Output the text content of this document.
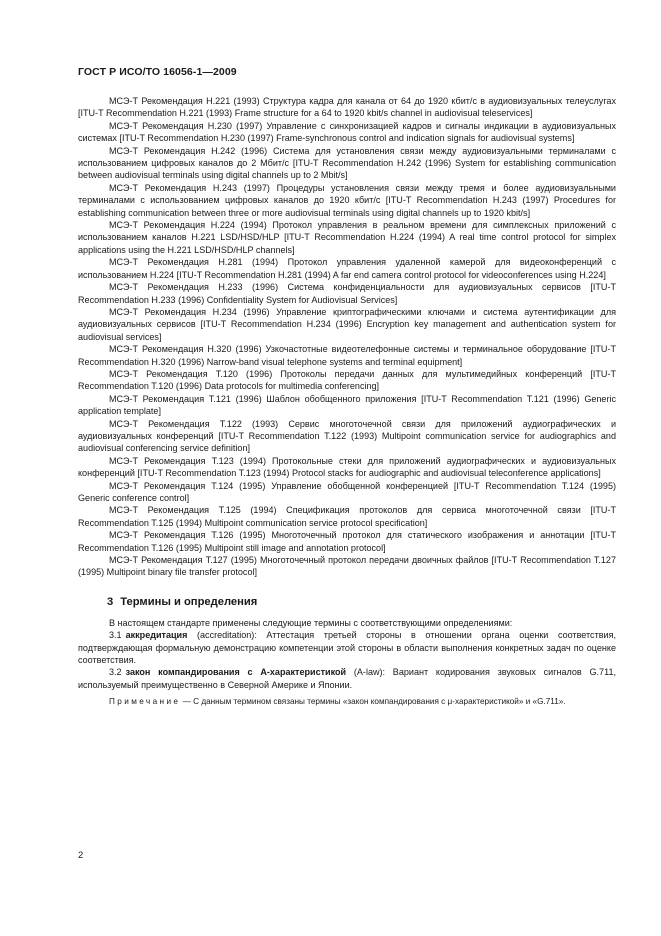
ГОСТ Р ИСО/ТО 16056-1—2009

МСЭ-Т Рекомендация Н.221 (1993) Структура кадра для канала от 64 до 1920 кбит/с в аудиовизуальных телеуслугах [ITU-T Recommendation H.221 (1993) Frame structure for a 64 to 1920 kbit/s channel in audiovisual teleservices]

МСЭ-Т Рекомендация Н.230 (1997) Управление с синхронизацией кадров и сигналы индикации в аудиовизуальных системах [ITU-T Recommendation H.230 (1997) Frame-synchronous control and indication signals for audiovisual systems]

МСЭ-Т Рекомендация Н.242 (1996) Система для установления связи между аудиовизуальными терминалами с использованием цифровых каналов до 2 Мбит/с [ITU-T Recommendation H.242 (1996) System for establishing communication between audiovisual terminals using digital channels up to 2 Mbit/s]

МСЭ-Т Рекомендация Н.243 (1997) Процедуры установления связи между тремя и более аудиовизуальными терминалами с использованием цифровых каналов до 1920 кбит/с [ITU-T Recommendation H.243 (1997) Procedures for establishing communication between three or more audiovisual terminals using digital channels up to 1920 kbit/s]

МСЭ-Т Рекомендация Н.224 (1994) Протокол управления в реальном времени для симплексных приложений с использованием каналов Н.221 LSD/HSD/HLP [ITU-T Recommendation H.224 (1994) A real time control protocol for simplex applications using the H.221 LSD/HSD/HLP channels]

МСЭ-Т Рекомендация Н.281 (1994) Протокол управления удаленной камерой для видеоконференций с использованием Н.224 [ITU-T Recommendation H.281 (1994) A far end camera control protocol for videoconferences using H.224]

МСЭ-Т Рекомендация Н.233 (1996) Система конфиденциальности для аудиовизуальных сервисов [ITU-T Recommendation H.233 (1996) Confidentiality System for Audiovisual Services]

МСЭ-Т Рекомендация Н.234 (1996) Управление криптографическими ключами и система аутентификации для аудиовизуальных сервисов [ITU-T Recommendation H.234 (1996) Encryption key management and authentication system for audiovisual services]

МСЭ-Т Рекомендация Н.320 (1996) Узкочастотные видеотелефонные системы и терминальное оборудование [ITU-T Recommendation H.320 (1996) Narrow-band visual telephone systems and terminal equipment]

МСЭ-Т Рекомендация Т.120 (1996) Протоколы передачи данных для мультимедийных конференций [ITU-T Recommendation T.120 (1996) Data protocols for multimedia conferencing]

МСЭ-Т Рекомендация Т.121 (1996) Шаблон обобщенного приложения [ITU-T Recommendation T.121 (1996) Generic application template]

МСЭ-Т Рекомендация Т.122 (1993) Сервис многоточечной связи для приложений аудиографических и аудиовизуальных конференций [ITU-T Recommendation T.122 (1993) Multipoint communication service for audiographics and audiovisual conferencing service definition]

МСЭ-Т Рекомендация Т.123 (1994) Протокольные стеки для приложений аудиографических и аудиовизуальных конференций [ITU-T Recommendation T.123 (1994) Protocol stacks for audiographic and audiovisual teleconference applications]

МСЭ-Т Рекомендация Т.124 (1995) Управление обобщенной конференцией [ITU-T Recommendation T.124 (1995) Generic conference control]

МСЭ-Т Рекомендация Т.125 (1994) Спецификация протоколов для сервиса многоточечной связи [ITU-T Recommendation T.125 (1994) Multipoint communication service protocol specification]

МСЭ-Т Рекомендация Т.126 (1995) Многоточечный протокол для статического изображения и аннотации [ITU-T Recommendation T.126 (1995) Multipoint still image and annotation protocol]

МСЭ-Т Рекомендация Т.127 (1995) Многоточечный протокол передачи двоичных файлов [ITU-T Recommendation T.127 (1995) Multipoint binary file transfer protocol]

3 Термины и определения

В настоящем стандарте применены следующие термины с соответствующими определениями:

3.1 аккредитация (accreditation): Аттестация третьей стороны в отношении органа оценки соответствия, подтверждающая формальную демонстрацию компетенции этой стороны в области выполнения конкретных задач по оценке соответствия.

3.2 закон компандирования с А-характеристикой (A-law): Вариант кодирования звуковых сигналов G.711, используемый преимущественно в Северной Америке и Японии.

Примечание — С данным термином связаны термины «закон компандирования с μ-характеристикой» и «G.711».

2
